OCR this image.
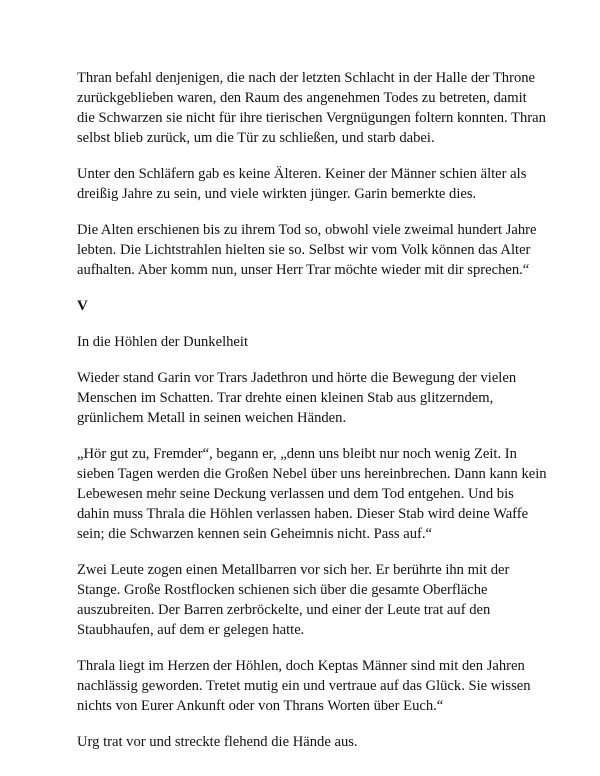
Thran befahl denjenigen, die nach der letzten Schlacht in der Halle der Throne zurückgeblieben waren, den Raum des angenehmen Todes zu betreten, damit die Schwarzen sie nicht für ihre tierischen Vergnügungen foltern konnten. Thran selbst blieb zurück, um die Tür zu schließen, und starb dabei.

Unter den Schläfern gab es keine Älteren. Keiner der Männer schien älter als dreißig Jahre zu sein, und viele wirkten jünger. Garin bemerkte dies.

Die Alten erschienen bis zu ihrem Tod so, obwohl viele zweimal hundert Jahre lebten. Die Lichtstrahlen hielten sie so. Selbst wir vom Volk können das Alter aufhalten. Aber komm nun, unser Herr Trar möchte wieder mit dir sprechen.“

V

In die Höhlen der Dunkelheit

Wieder stand Garin vor Trars Jadethron und hörte die Bewegung der vielen Menschen im Schatten. Trar drehte einen kleinen Stab aus glitzerndem, grünlichem Metall in seinen weichen Händen.

„Hör gut zu, Fremder“, begann er, „denn uns bleibt nur noch wenig Zeit. In sieben Tagen werden die Großen Nebel über uns hereinbrechen. Dann kann kein Lebewesen mehr seine Deckung verlassen und dem Tod entgehen. Und bis dahin muss Thrala die Höhlen verlassen haben. Dieser Stab wird deine Waffe sein; die Schwarzen kennen sein Geheimnis nicht. Pass auf.“

Zwei Leute zogen einen Metallbarren vor sich her. Er berührte ihn mit der Stange. Große Rostflocken schienen sich über die gesamte Oberfläche auszubreiten. Der Barren zerbröckelte, und einer der Leute trat auf den Staubhaufen, auf dem er gelegen hatte.

Thrala liegt im Herzen der Höhlen, doch Keptas Männer sind mit den Jahren nachlässig geworden. Tretet mutig ein und vertraue auf das Glück. Sie wissen nichts von Eurer Ankunft oder von Thrans Worten über Euch.“

Urg trat vor und streckte flehend die Hände aus.
